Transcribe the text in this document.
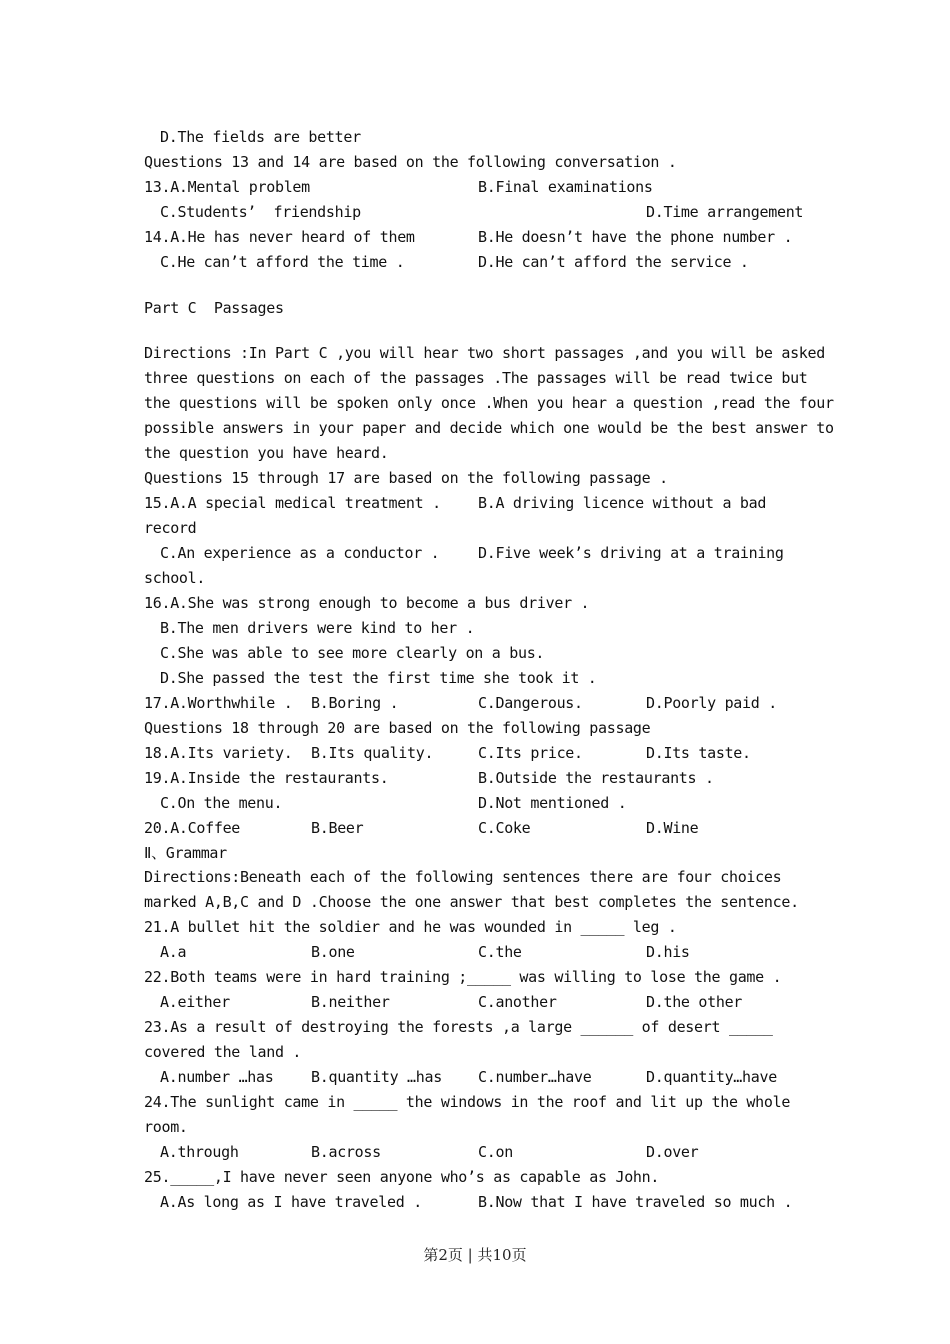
D.The fields are better
Questions 13 and 14 are based on the following conversation .
13.A.Mental problem	B.Final examinations
C.Students’  friendship	D.Time arrangement
14.A.He has never heard of them	B.He doesn’t have the phone number .
C.He can’t afford the time .	D.He can’t afford the service .
Part C  Passages
Directions :In Part C ,you will hear two short passages ,and you will be asked
three questions on each of the passages .The passages will be read twice but
the questions will be spoken only once .When you hear a question ,read the four
possible answers in your paper and decide which one would be the best answer to
the question you have heard.
Questions 15 through 17 are based on the following passage .
15.A.A special medical treatment . B.A driving licence without a bad
record
C.An experience as a conductor .	D.Five week’s driving at a training
school.
16.A.She was strong enough to become a bus driver .
B.The men drivers were kind to her .
C.She was able to see more clearly on a bus.
D.She passed the test the first time she took it .
17.A.Worthwhile . B.Boring .	C.Dangerous.	D.Poorly paid .
Questions 18 through 20 are based on the following passage
18.A.Its variety. B.Its quality.	C.Its price.	D.Its taste.
19.A.Inside the restaurants.	B.Outside the restaurants .
C.On the menu.	D.Not mentioned .
20.A.Coffee	B.Beer	C.Coke	D.Wine
Ⅱ、Grammar
Directions:Beneath each of the following sentences there are four choices
marked A,B,C and D .Choose the one answer that best completes the sentence.
21.A bullet hit the soldier and he was wounded in _____ leg .
A.a	B.one	C.the	D.his
22.Both teams were in hard training ;_____ was willing to lose the game .
A.either	B.neither	C.another	D.the other
23.As a result of destroying the forests ,a large ______ of desert _____
covered the land .
A.number …has B.quantity …has C.number…have	D.quantity…have
24.The sunlight came in _____ the windows in the roof and lit up the whole
room.
A.through	B.across	C.on	D.over
25._____,I have never seen anyone who’s as capable as John.
A.As long as I have traveled .	B.Now that I have traveled so much .
第2页 | 共10页
